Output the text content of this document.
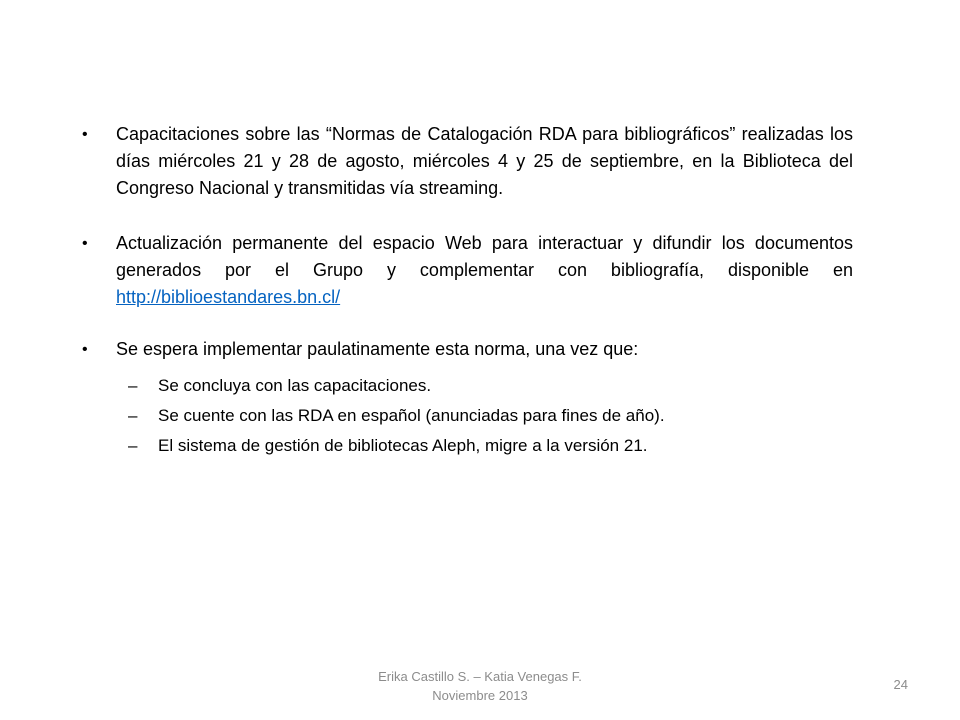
•	Capacitaciones sobre las “Normas de Catalogación RDA para bibliográficos” realizadas los días miércoles 21 y 28 de agosto, miércoles 4 y 25 de septiembre, en la Biblioteca del Congreso Nacional y transmitidas vía streaming.
•	Actualización permanente del espacio Web para interactuar y difundir los documentos generados por el Grupo y complementar con bibliografía, disponible en http://biblioestandares.bn.cl/
•	Se espera implementar paulatinamente esta norma, una vez que:
– Se concluya con las capacitaciones.
– Se cuente con las RDA en español (anunciadas para fines de año).
– El sistema de gestión de bibliotecas Aleph, migre a la versión 21.
Erika Castillo S. – Katia Venegas F.
Noviembre 2013
24
